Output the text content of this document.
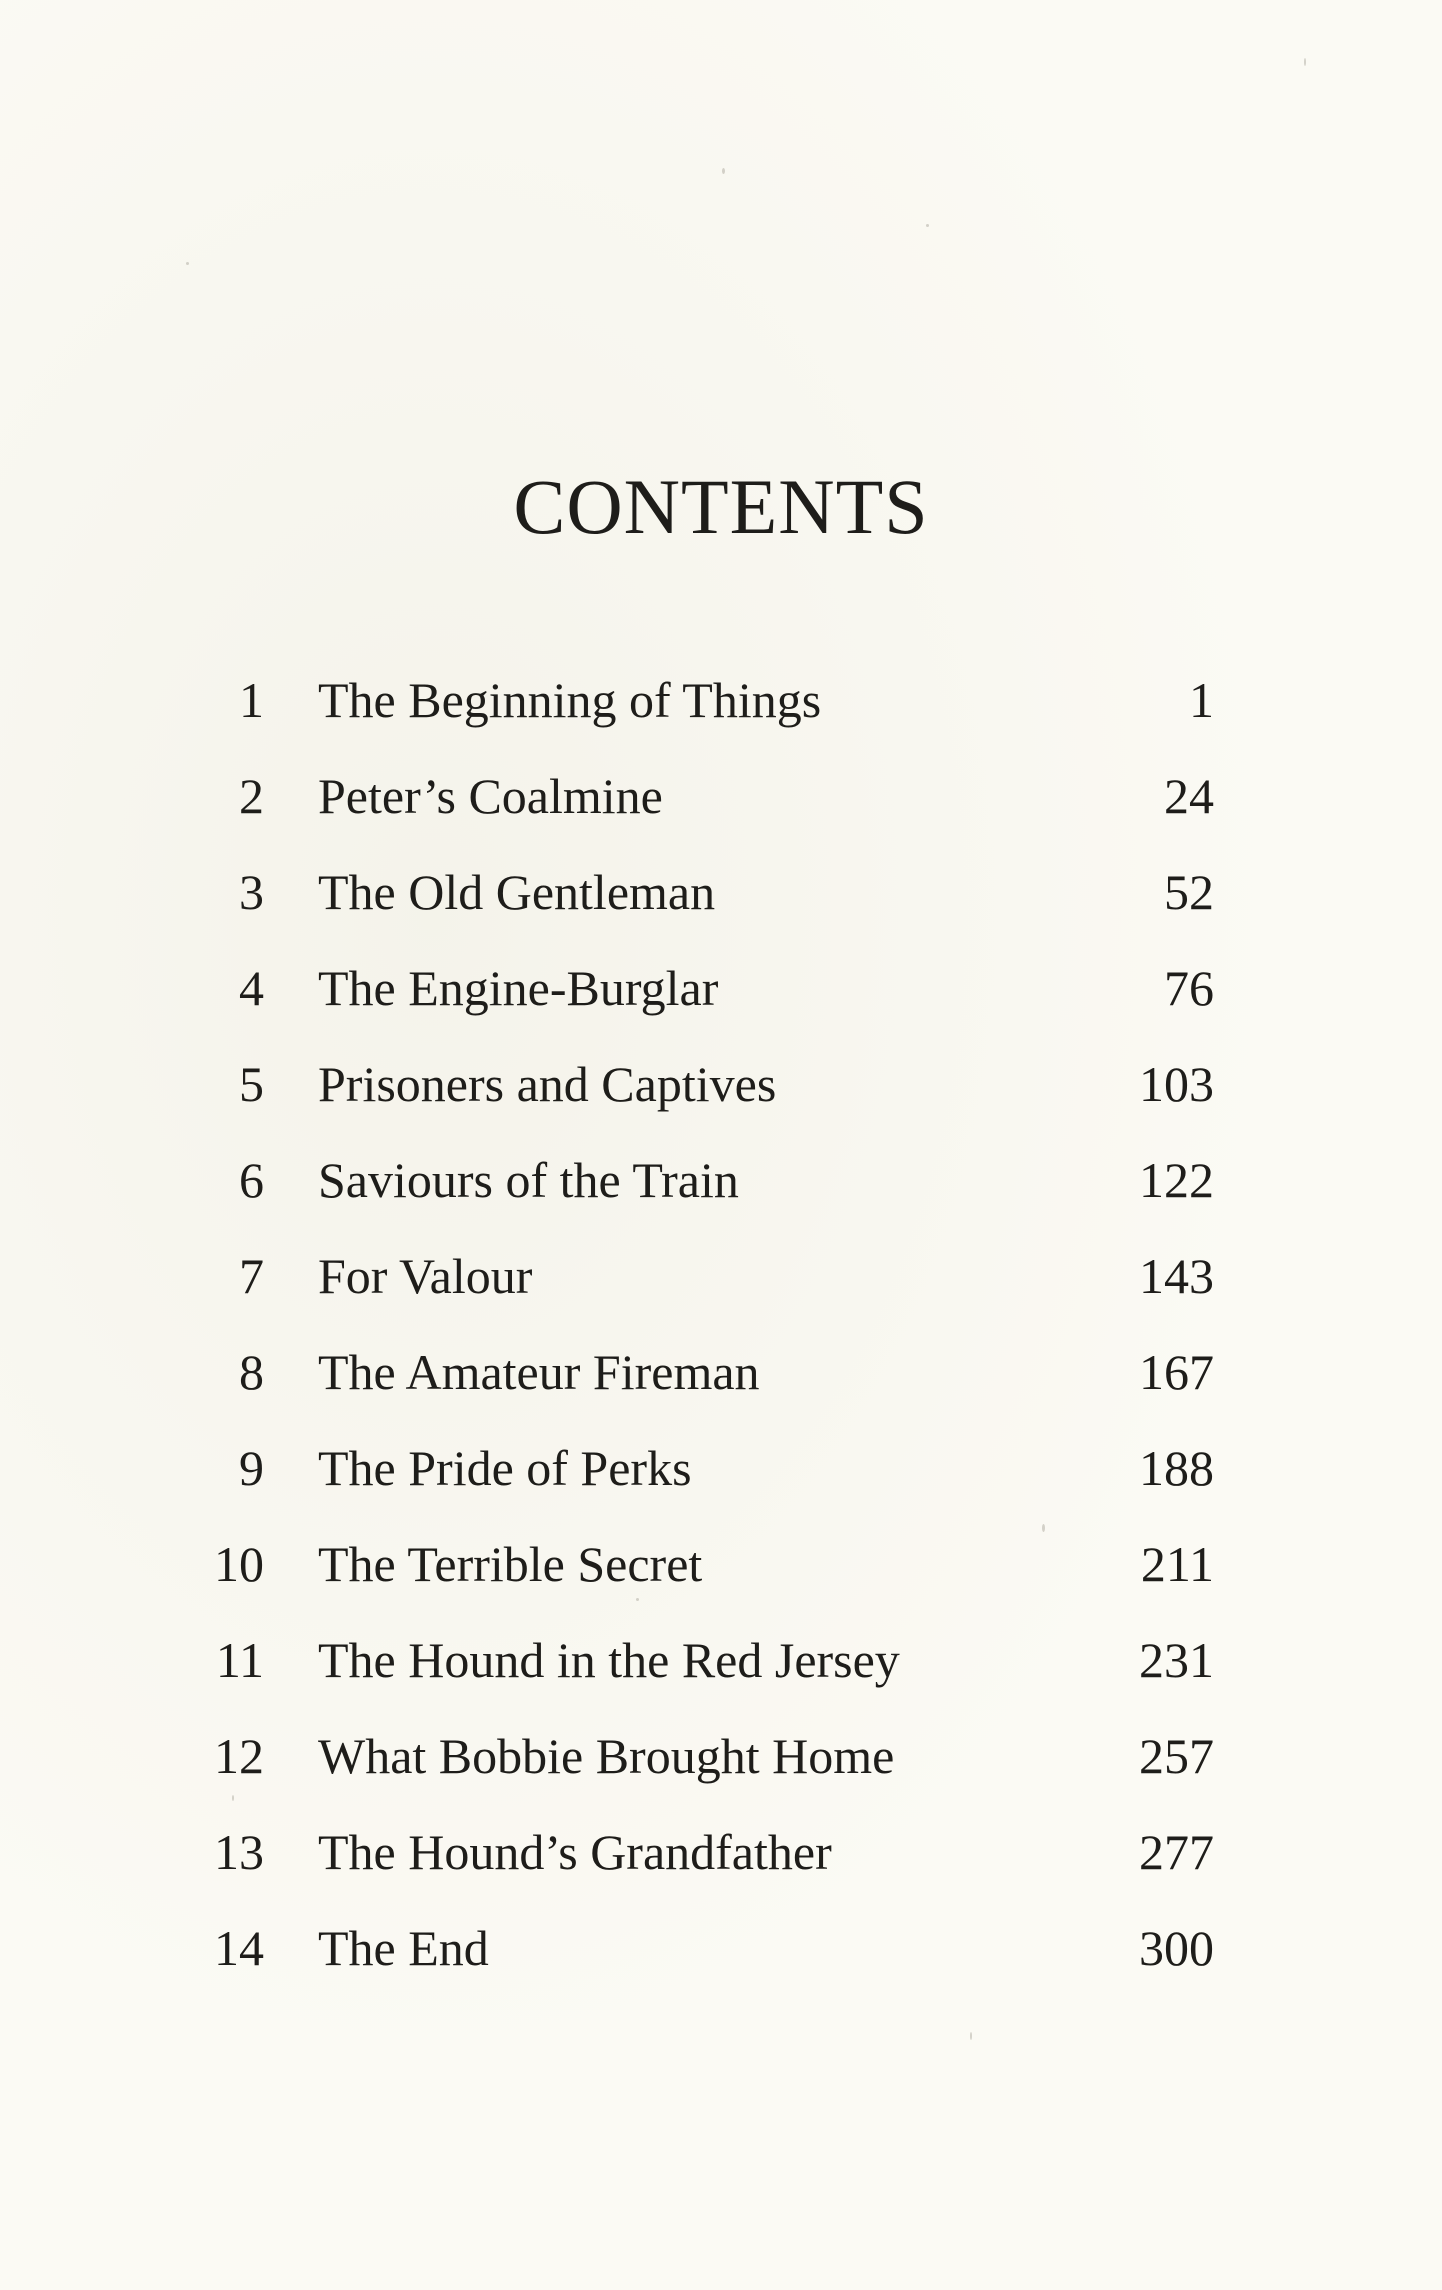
CONTENTS
1 The Beginning of Things	1
2 Peter’s Coalmine	24
3 The Old Gentleman	52
4 The Engine-Burglar	76
5 Prisoners and Captives	103
6 Saviours of the Train	122
7 For Valour	143
8 The Amateur Fireman	167
9 The Pride of Perks	188
10 The Terrible Secret	211
11 The Hound in the Red Jersey	231
12 What Bobbie Brought Home	257
13 The Hound’s Grandfather	277
14 The End	300
